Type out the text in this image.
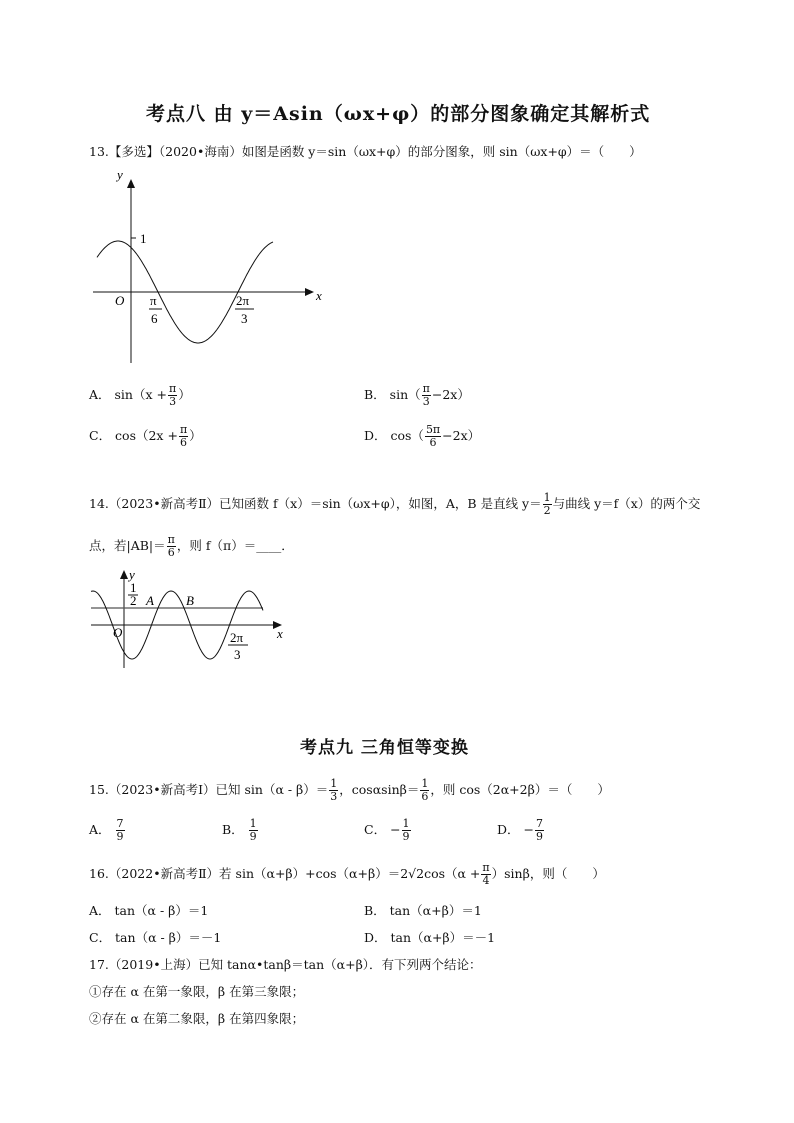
考点八 由 y＝Asin（ωx+φ）的部分图象确定其解析式
13.【多选】（2020•海南）如图是函数 y＝sin（ωx+φ）的部分图象，则 sin（ωx+φ）＝（　　）
y
x
O
1
π
6
2π
3
y
x
O
A B
1
2
2π
3
A． $\sin(x + \frac{\pi}{3}$ ）	B． $\sin( \frac{\pi}{3} -2x)$
C． $\cos(2x + \frac{\pi}{6}$ ）	D． $\cos( \frac{5\pi}{6} -2x)$
14.（2023•新高考Ⅱ）已知函数 f（x）＝sin（ωx+φ），如图，A，B 是直线 $y= \frac{1}{2}$ 与曲线 y＝f（x）的两个交
点，若$|AB|= \frac{\pi}{6}$ ，则 f（π）＝____．
考点九 三角恒等变换
15.（2023•新高考Ⅰ）已知 $\sin(\alpha - \beta)= \frac{1}{3}$ ，$\cos\alpha\sin\beta= \frac{1}{6}$ ，则 cos（2α+2β）＝（　　）
16.（2022•新高考Ⅱ）若 $\sin(\alpha+\beta)+\cos(\alpha+\beta)=2√2\cos(\alpha + \frac{\pi}{4} )\sin\beta$，则（　　）
A． tan（α - β）＝1	B． tan（α+β）＝1
C． tan（α - β）＝－1	D． tan（α+β）＝－1
17.（2019•上海）已知 tanα•tanβ＝tan（α+β）．有下列两个结论：
①存在 α 在第一象限，β 在第三象限；
②存在 α 在第二象限，β 在第四象限；
A． $\frac{7}{9}$	B． $\frac{1}{9}$	C． − $\frac{1}{9}$	D． − $\frac{7}{9}$
